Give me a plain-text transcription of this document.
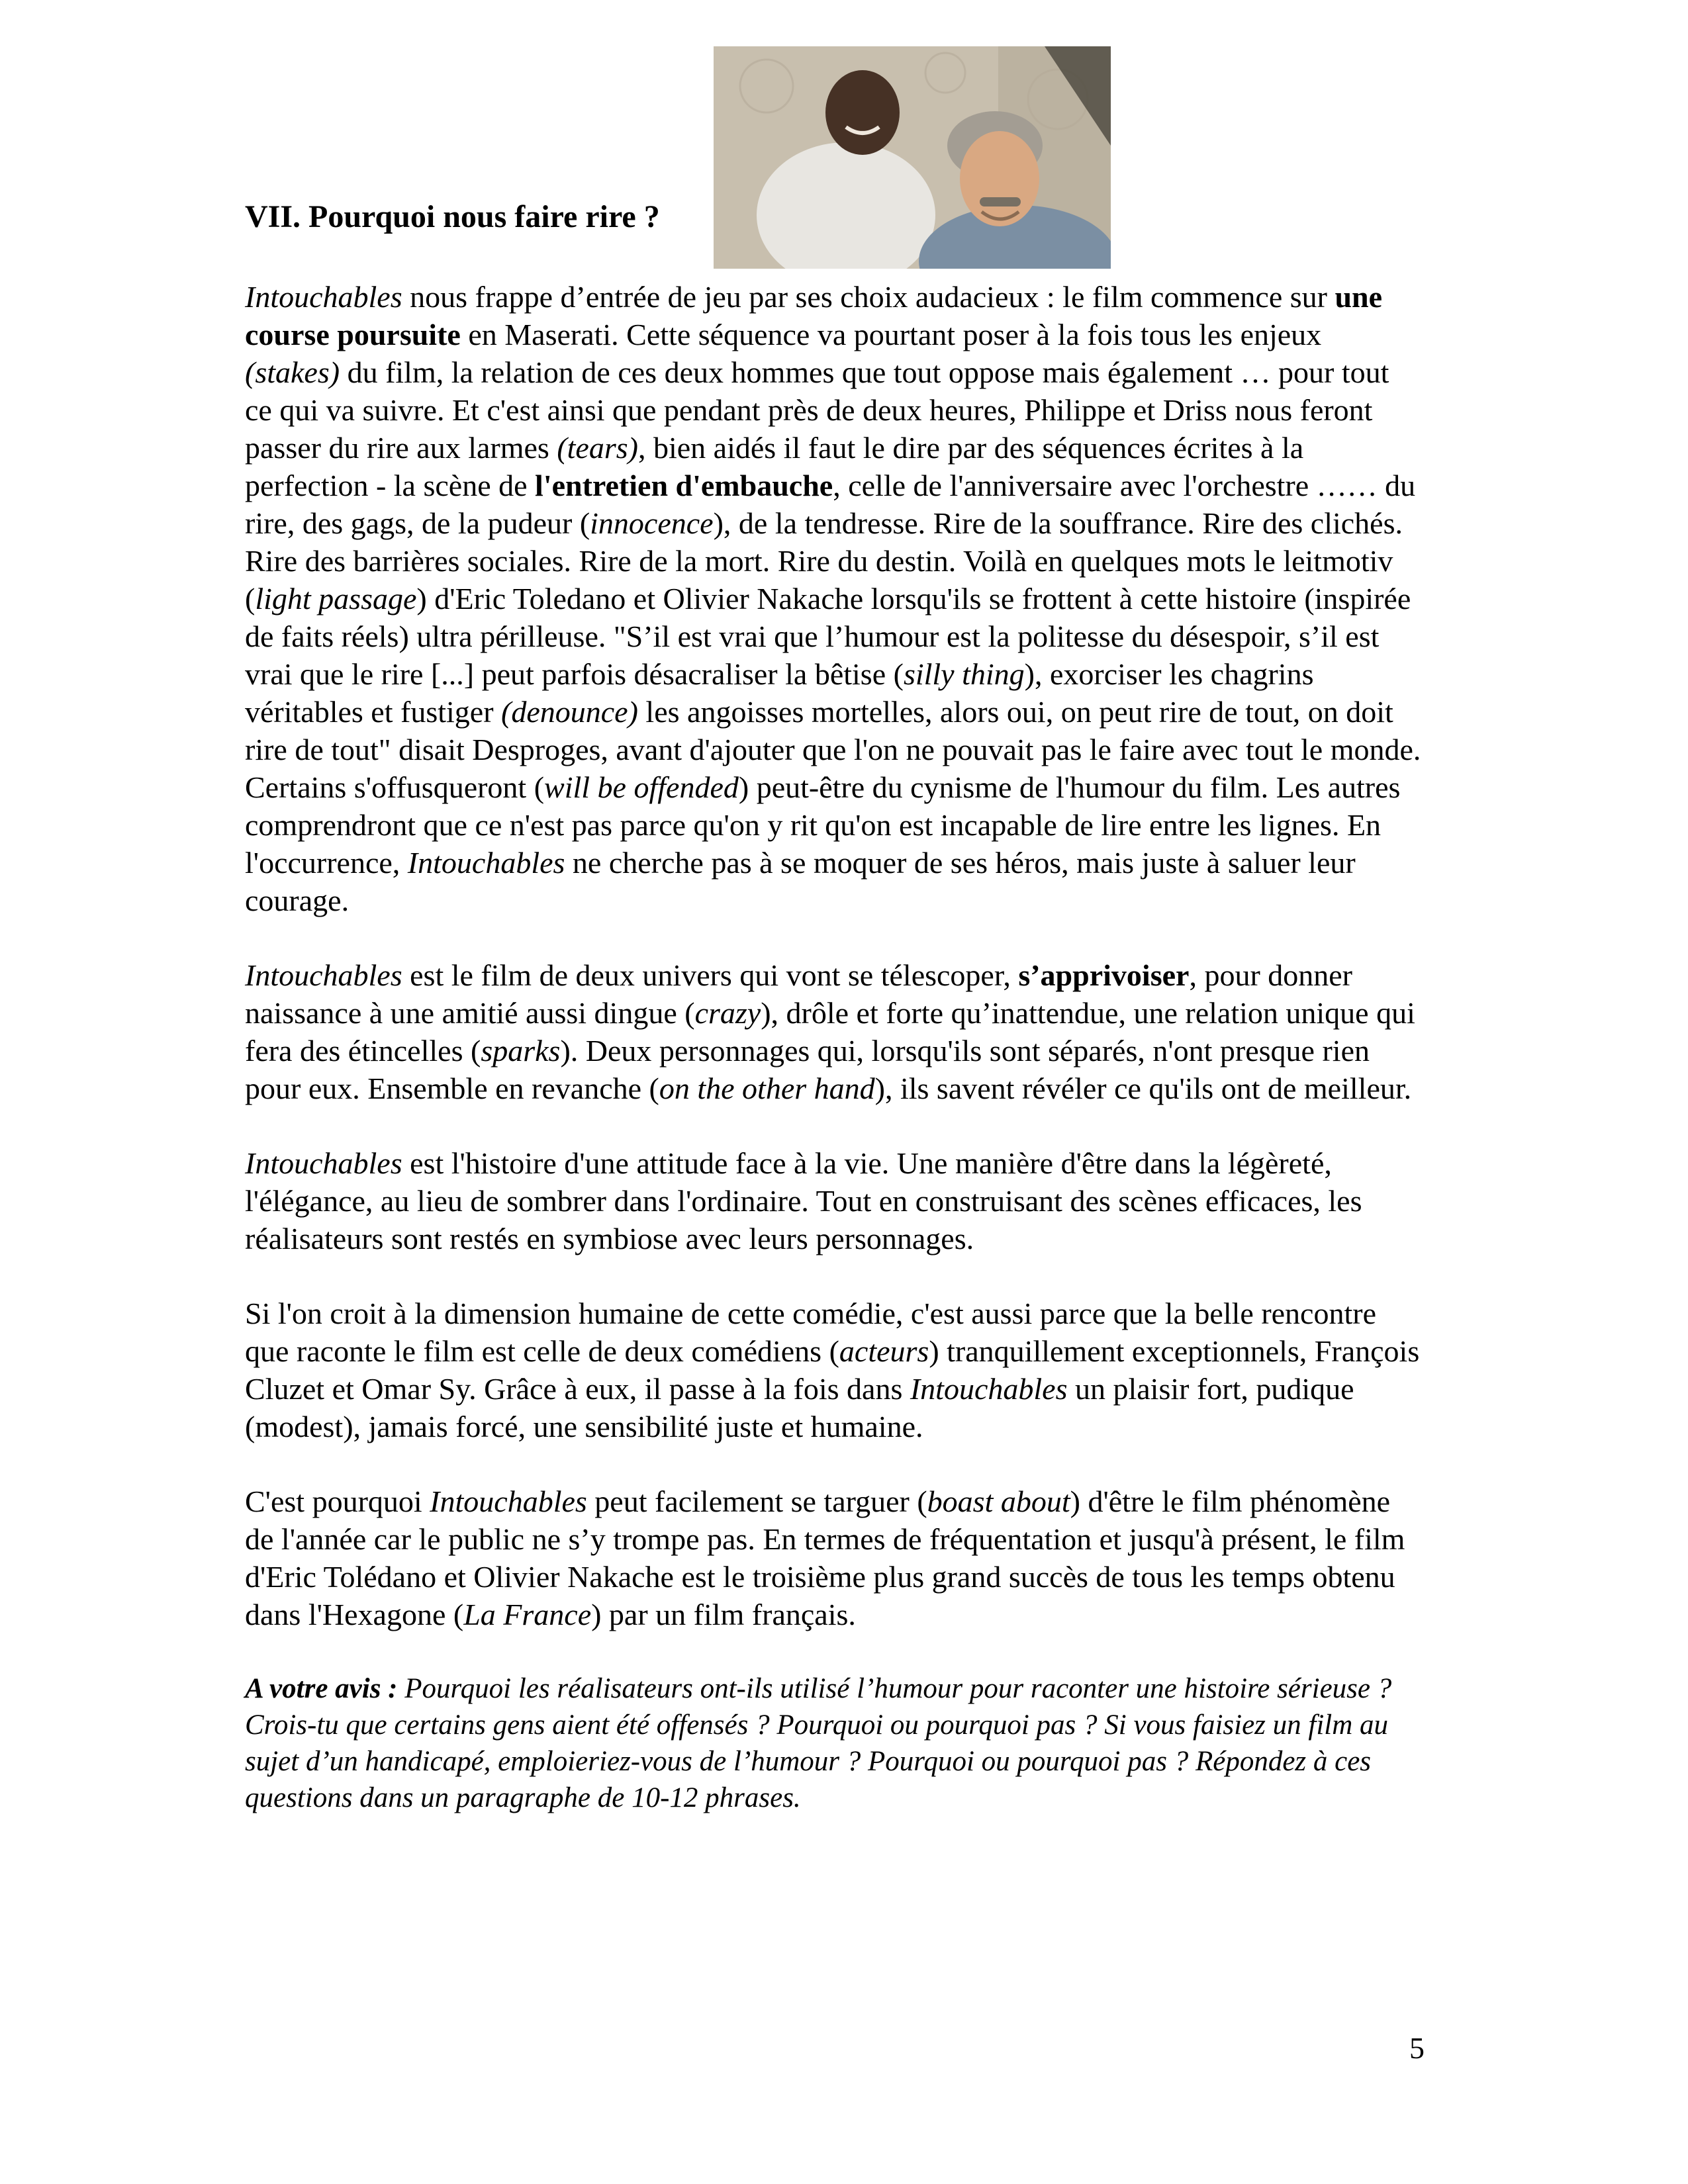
VII. Pourquoi nous faire rire ?

Intouchables nous frappe d’entrée de jeu par ses choix audacieux : le film commence sur une course poursuite en Maserati. Cette séquence va pourtant poser à la fois tous les enjeux (stakes) du film, la relation de ces deux hommes que tout oppose mais également … pour tout ce qui va suivre. Et c'est ainsi que pendant près de deux heures, Philippe et Driss nous feront passer du rire aux larmes (tears), bien aidés il faut le dire par des séquences écrites à la perfection - la scène de l'entretien d'embauche, celle de l'anniversaire avec l'orchestre …… du rire, des gags, de la pudeur (innocence), de la tendresse. Rire de la souffrance. Rire des clichés. Rire des barrières sociales. Rire de la mort. Rire du destin. Voilà en quelques mots le leitmotiv (light passage) d'Eric Toledano et Olivier Nakache lorsqu'ils se frottent à cette histoire (inspirée de faits réels) ultra périlleuse. "S’il est vrai que l’humour est la politesse du désespoir, s’il est vrai que le rire [...] peut parfois désacraliser la bêtise (silly thing), exorciser les chagrins véritables et fustiger (denounce) les angoisses mortelles, alors oui, on peut rire de tout, on doit rire de tout" disait Desproges, avant d'ajouter que l'on ne pouvait pas le faire avec tout le monde. Certains s'offusqueront (will be offended) peut-être du cynisme de l'humour du film. Les autres comprendront que ce n'est pas parce qu'on y rit qu'on est incapable de lire entre les lignes. En l'occurrence, Intouchables ne cherche pas à se moquer de ses héros, mais juste à saluer leur courage.

Intouchables est le film de deux univers qui vont se télescoper, s’apprivoiser, pour donner naissance à une amitié aussi dingue (crazy), drôle et forte qu’inattendue, une relation unique qui fera des étincelles (sparks). Deux personnages qui, lorsqu'ils sont séparés, n'ont presque rien pour eux. Ensemble en revanche (on the other hand), ils savent révéler ce qu'ils ont de meilleur.

Intouchables est l'histoire d'une attitude face à la vie. Une manière d'être dans la légèreté, l'élégance, au lieu de sombrer dans l'ordinaire. Tout en construisant des scènes efficaces, les réalisateurs sont restés en symbiose avec leurs personnages.

Si l'on croit à la dimension humaine de cette comédie, c'est aussi parce que la belle rencontre que raconte le film est celle de deux comédiens (acteurs) tranquillement exceptionnels, François Cluzet et Omar Sy. Grâce à eux, il passe à la fois dans Intouchables un plaisir fort, pudique (modest), jamais forcé, une sensibilité juste et humaine.

C'est pourquoi Intouchables peut facilement se targuer (boast about) d'être le film phénomène de l'année car le public ne s’y trompe pas. En termes de fréquentation et jusqu'à présent, le film d'Eric Tolédano et Olivier Nakache est le troisième plus grand succès de tous les temps obtenu dans l'Hexagone (La France) par un film français.

A votre avis : Pourquoi les réalisateurs ont-ils utilisé l’humour pour raconter une histoire sérieuse ? Crois-tu que certains gens aient été offensés ? Pourquoi ou pourquoi pas ? Si vous faisiez un film au sujet d’un handicapé, emploieriez-vous de l’humour ? Pourquoi ou pourquoi pas ? Répondez à ces questions dans un paragraphe de 10-12 phrases.

5
